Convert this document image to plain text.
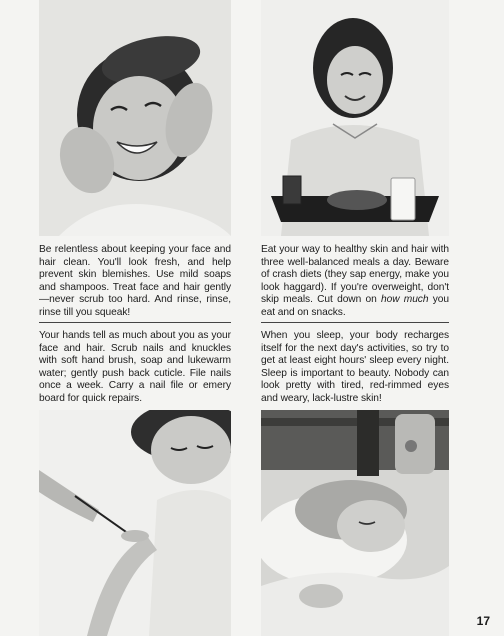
Be relentless about keeping your face and hair clean. You'll look fresh, and help prevent skin blemishes. Use mild soaps and shampoos. Treat face and hair gently—never scrub too hard. And rinse, rinse, rinse till you squeak!
Eat your way to healthy skin and hair with three well-balanced meals a day. Beware of crash diets (they sap energy, make you look haggard). If you're overweight, don't skip meals. Cut down on how much you eat and on snacks.
Your hands tell as much about you as your face and hair. Scrub nails and knuckles with soft hand brush, soap and lukewarm water; gently push back cuticle. File nails once a week. Carry a nail file or emery board for quick repairs.
When you sleep, your body recharges itself for the next day's activities, so try to get at least eight hours' sleep every night. Sleep is important to beauty. Nobody can look pretty with tired, red-rimmed eyes and weary, lack-lustre skin!
17
